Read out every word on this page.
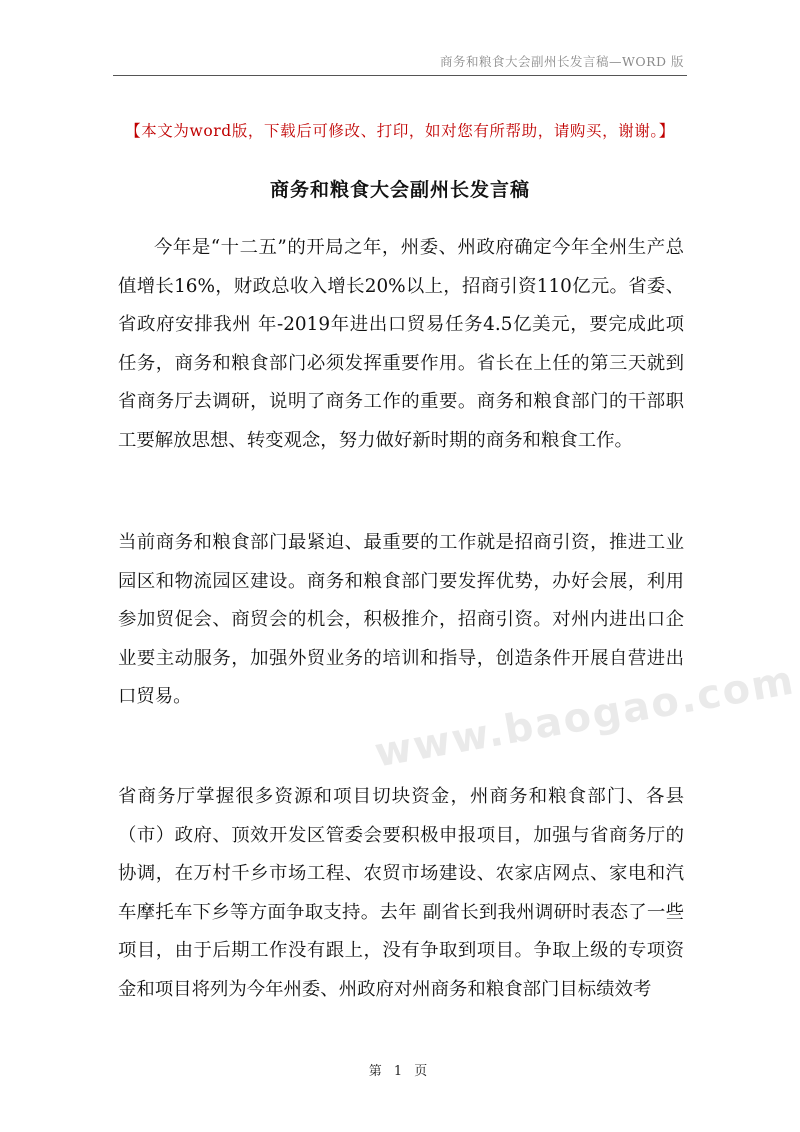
商务和粮食大会副州长发言稿—WORD 版
【本文为word版，下载后可修改、打印，如对您有所帮助，请购买，谢谢。】
商务和粮食大会副州长发言稿

今年是“十二五”的开局之年，州委、州政府确定今年全州生产总值增长16%，财政总收入增长20%以上，招商引资110亿元。省委、省政府安排我州 年-2019年进出口贸易任务4.5亿美元，要完成此项任务，商务和粮食部门必须发挥重要作用。省长在上任的第三天就到省商务厅去调研，说明了商务工作的重要。商务和粮食部门的干部职工要解放思想、转变观念，努力做好新时期的商务和粮食工作。

当前商务和粮食部门最紧迫、最重要的工作就是招商引资，推进工业园区和物流园区建设。商务和粮食部门要发挥优势，办好会展，利用参加贸促会、商贸会的机会，积极推介，招商引资。对州内进出口企业要主动服务，加强外贸业务的培训和指导，创造条件开展自营进出口贸易。

省商务厅掌握很多资源和项目切块资金，州商务和粮食部门、各县（市）政府、顶效开发区管委会要积极申报项目，加强与省商务厅的协调，在万村千乡市场工程、农贸市场建设、农家店网点、家电和汽车摩托车下乡等方面争取支持。去年 副省长到我州调研时表态了一些项目，由于后期工作没有跟上，没有争取到项目。争取上级的专项资金和项目将列为今年州委、州政府对州商务和粮食部门目标绩效考

www.baogao.com
第 1 页
